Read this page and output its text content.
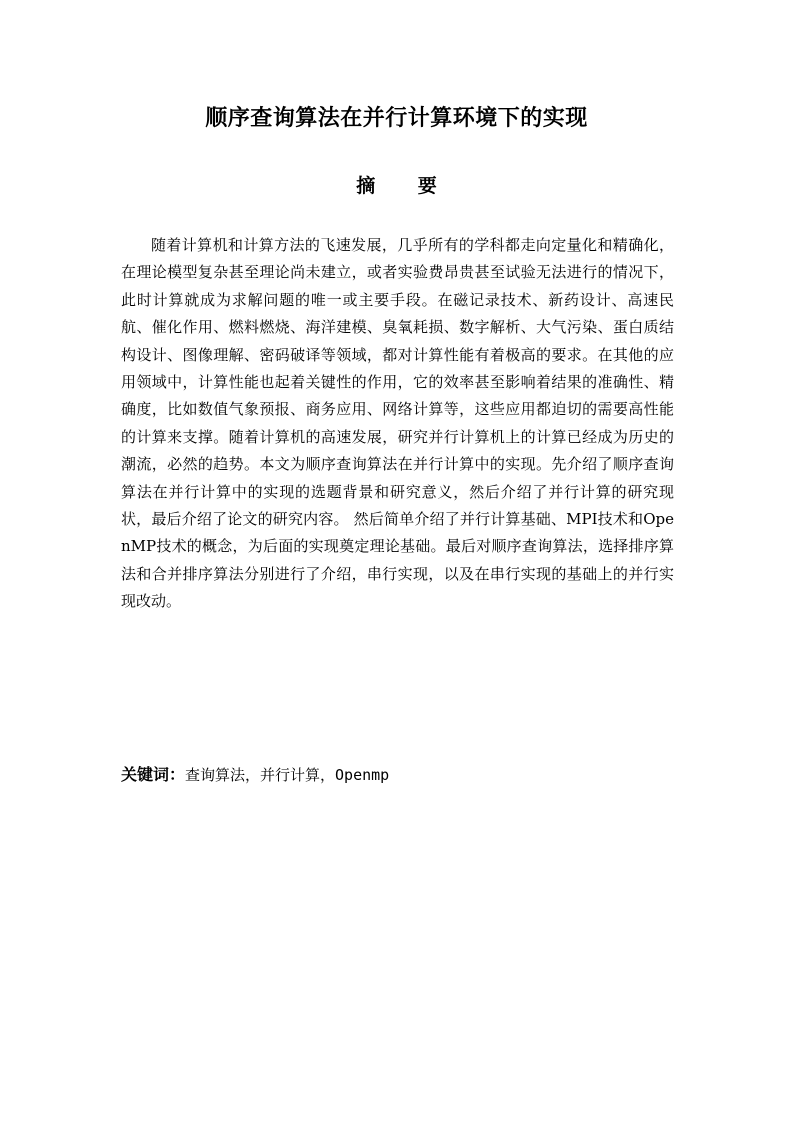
顺序查询算法在并行计算环境下的实现
摘 要
随着计算机和计算方法的飞速发展，几乎所有的学科都走向定量化和精确化，在理论模型复杂甚至理论尚未建立，或者实验费昂贵甚至试验无法进行的情况下，此时计算就成为求解问题的唯一或主要手段。在磁记录技术、新药设计、高速民航、催化作用、燃料燃烧、海洋建模、臭氧耗损、数字解析、大气污染、蛋白质结构设计、图像理解、密码破译等领域，都对计算性能有着极高的要求。在其他的应用领域中，计算性能也起着关键性的作用，它的效率甚至影响着结果的准确性、精确度，比如数值气象预报、商务应用、网络计算等，这些应用都迫切的需要高性能的计算来支撑。随着计算机的高速发展，研究并行计算机上的计算已经成为历史的潮流，必然的趋势。本文为顺序查询算法在并行计算中的实现。先介绍了顺序查询算法在并行计算中的实现的选题背景和研究意义，然后介绍了并行计算的研究现状，最后介绍了论文的研究内容。 然后简单介绍了并行计算基础、MPI技术和OpenMP技术的概念，为后面的实现奠定理论基础。最后对顺序查询算法，选择排序算法和合并排序算法分别进行了介绍，串行实现，以及在串行实现的基础上的并行实现改动。
关键词：查询算法，并行计算，Openmp
